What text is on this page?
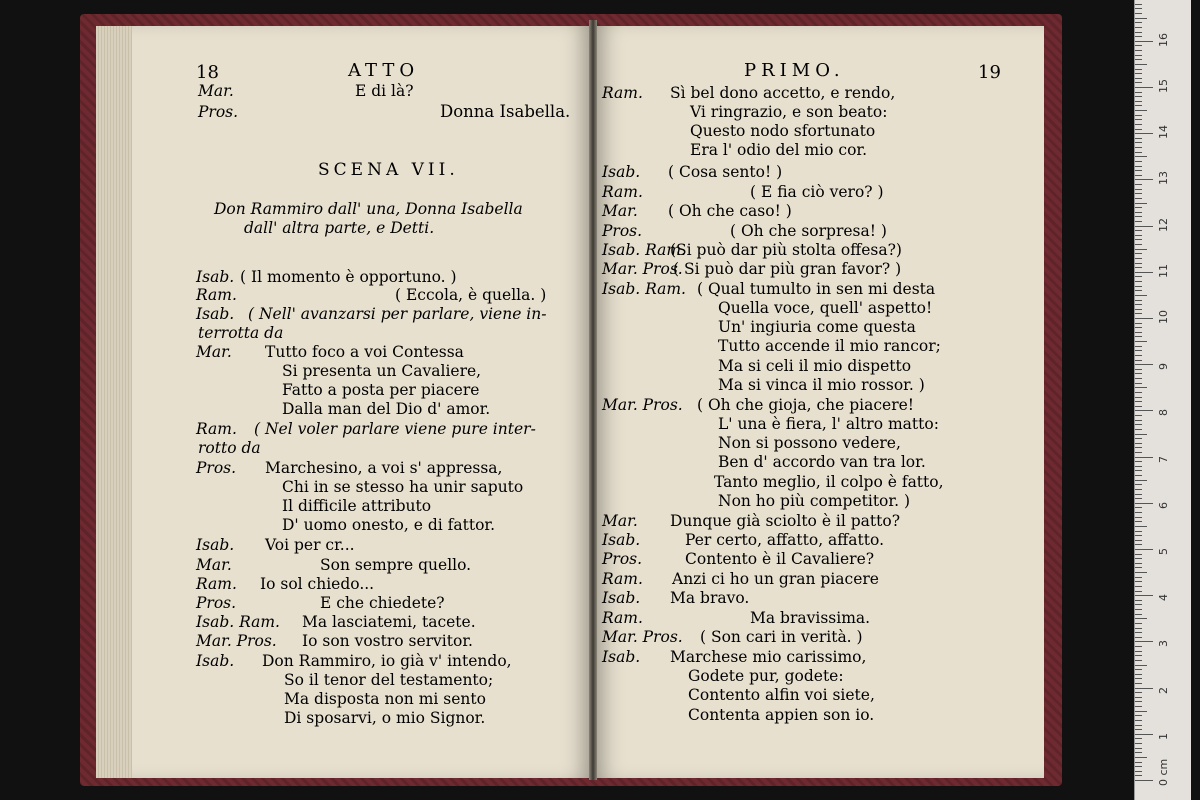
18	ATTO
Mar.	E di là?
Pros.	Donna Isabella.
SCENA VII.
Don Rammiro dall' una, Donna Isabella
dall' altra parte, e Detti.
Isab. ( Il momento è opportuno. )
Ram.	( Eccola, è quella. )
Isab. ( Nell' avanzarsi per parlare, viene in-
terrotta da
Mar. Tutto foco a voi Contessa
Si presenta un Cavaliere,
Fatto a posta per piacere
Dalla man del Dio d' amor.
Ram. ( Nel voler parlare viene pure inter-
rotto da
Pros. Marchesino, a voi s' appressa,
Chi in se stesso ha unir saputo
Il difficile attributo
D' uomo onesto, e di fattor.
Isab. Voi per cr...
Mar.	Son sempre quello.
Ram. Io sol chiedo...
Pros.	E che chiedete?
Isab. Ram. Ma lasciatemi, tacete.
Mar. Pros. Io son vostro servitor.
Isab. Don Rammiro, io già v' intendo,
So il tenor del testamento;
Ma disposta non mi sento
Di sposarvi, o mio Signor.
PRIMO.	19
Ram. Sì bel dono accetto, e rendo,
Vi ringrazio, e son beato:
Questo nodo sfortunato
Era l' odio del mio cor.
Isab. ( Cosa sento! )
Ram.	( E fia ciò vero? )
Mar. ( Oh che caso! )
Pros.	( Oh che sorpresa! )
Isab. Ram.
(Si può dar più stolta offesa?)
Mar. Pros.
( Si può dar più gran favor? )
Isab. Ram. ( Qual tumulto in sen mi desta
Quella voce, quell' aspetto!
Un' ingiuria come questa
Tutto accende il mio rancor;
Ma si celi il mio dispetto
Ma si vinca il mio rossor. )
Mar. Pros. ( Oh che gioja, che piacere!
L' una è fiera, l' altro matto:
Non si possono vedere,
Ben d' accordo van tra lor.
Tanto meglio, il colpo è fatto,
Non ho più competitor. )
Mar. Dunque già sciolto è il patto?
Isab.	Per certo, affatto, affatto.
Pros.	Contento è il Cavaliere?
Ram. Anzi ci ho un gran piacere
Isab. Ma bravo.
Ram.	Ma bravissima.
Mar. Pros. ( Son cari in verità. )
Isab. Marchese mio carissimo,
Godete pur, godete:
Contento alfin voi siete,
Contenta appien son io.
0 cm
1
2
3
4
5
6
7
8
9
10
11
12
13
14
15
16
